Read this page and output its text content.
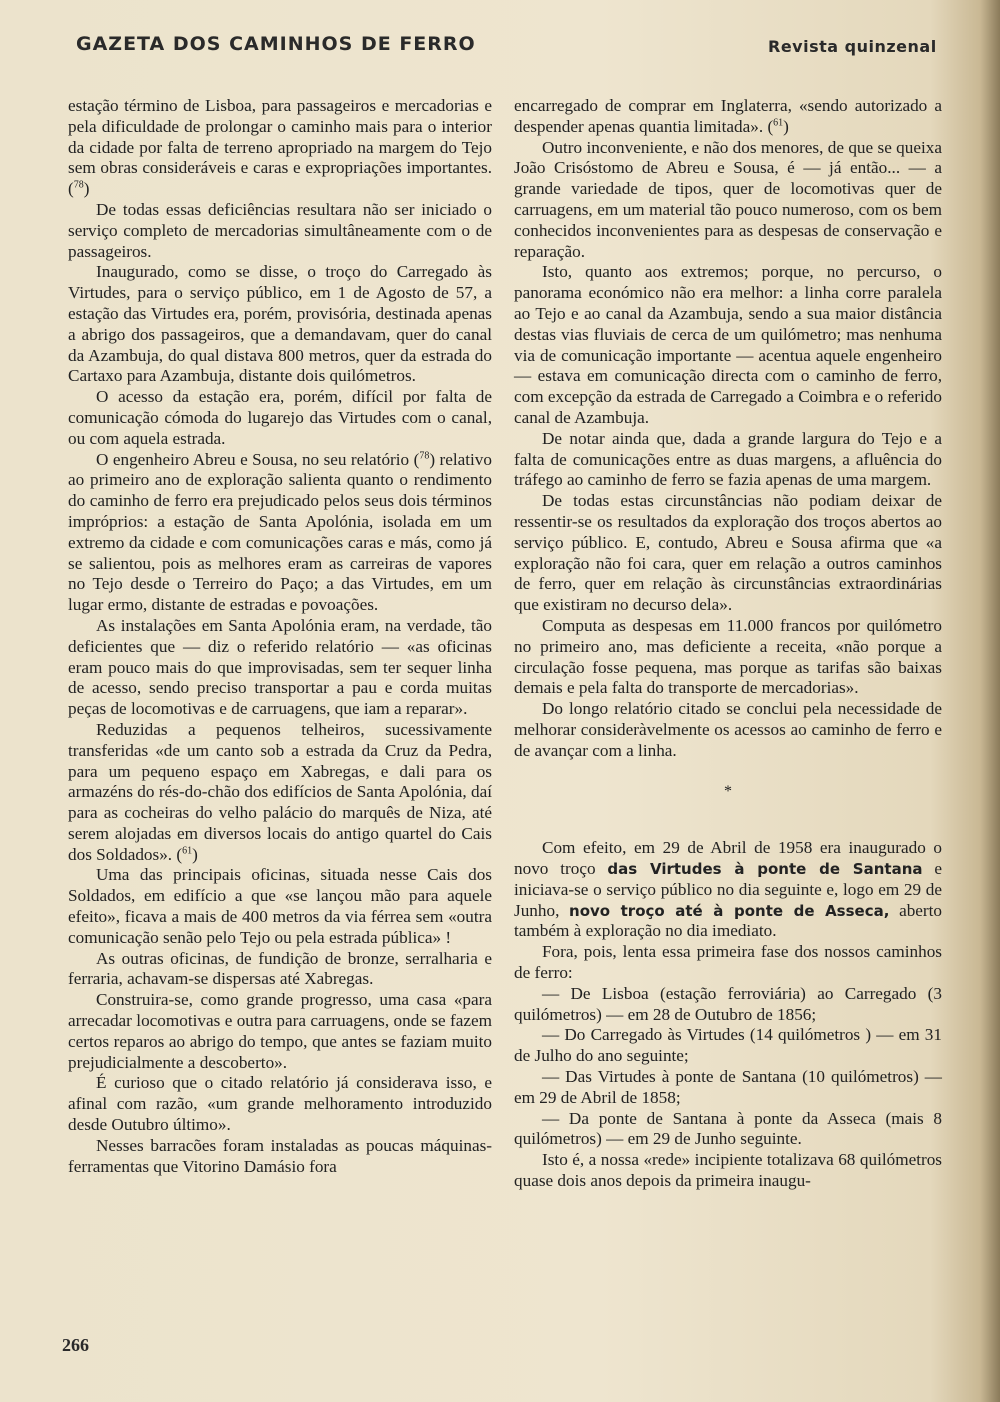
GAZETA DOS CAMINHOS DE FERRO	Revista quinzenal

estação término de Lisboa, para passageiros e mercadorias e pela dificuldade de prolongar o caminho mais para o interior da cidade por falta de terreno apropriado na margem do Tejo sem obras consideráveis e caras e expropriações importantes. ($^{78}$)

De todas essas deficiências resultara não ser iniciado o serviço completo de mercadorias simultâneamente com o de passageiros.

Inaugurado, como se disse, o troço do Carregado às Virtudes, para o serviço público, em 1 de Agosto de 57, a estação das Virtudes era, porém, provisória, destinada apenas a abrigo dos passageiros, que a demandavam, quer do canal da Azambuja, do qual distava 800 metros, quer da estrada do Cartaxo para Azambuja, distante dois quilómetros.

O acesso da estação era, porém, difícil por falta de comunicação cómoda do lugarejo das Virtudes com o canal, ou com aquela estrada.

O engenheiro Abreu e Sousa, no seu relatório ($^{78}$) relativo ao primeiro ano de exploração salienta quanto o rendimento do caminho de ferro era prejudicado pelos seus dois términos impróprios: a estação de Santa Apolónia, isolada em um extremo da cidade e com comunicações caras e más, como já se salientou, pois as melhores eram as carreiras de vapores no Tejo desde o Terreiro do Paço; a das Virtudes, em um lugar ermo, distante de estradas e povoações.

As instalações em Santa Apolónia eram, na verdade, tão deficientes que — diz o referido relatório — «as oficinas eram pouco mais do que improvisadas, sem ter sequer linha de acesso, sendo preciso transportar a pau e corda muitas peças de locomotivas e de carruagens, que iam a reparar».

Reduzidas a pequenos telheiros, sucessivamente transferidas «de um canto sob a estrada da Cruz da Pedra, para um pequeno espaço em Xabregas, e dali para os armazéns do rés-do-chão dos edifícios de Santa Apolónia, daí para as cocheiras do velho palácio do marquês de Niza, até serem alojadas em diversos locais do antigo quartel do Cais dos Soldados». ($^{61}$)

Uma das principais oficinas, situada nesse Cais dos Soldados, em edifício a que «se lançou mão para aquele efeito», ficava a mais de 400 metros da via férrea sem «outra comunicação senão pelo Tejo ou pela estrada pública» !

As outras oficinas, de fundição de bronze, serralharia e ferraria, achavam-se dispersas até Xabregas.

Construira-se, como grande progresso, uma casa «para arrecadar locomotivas e outra para carruagens, onde se fazem certos reparos ao abrigo do tempo, que antes se faziam muito prejudicialmente a descoberto».

É curioso que o citado relatório já considerava isso, e afinal com razão, «um grande melhoramento introduzido desde Outubro último».

Nesses barracões foram instaladas as poucas máquinas-ferramentas que Vitorino Damásio fora

encarregado de comprar em Inglaterra, «sendo autorizado a despender apenas quantia limitada». ($^{61}$)

Outro inconveniente, e não dos menores, de que se queixa João Crisóstomo de Abreu e Sousa, é — já então... — a grande variedade de tipos, quer de locomotivas quer de carruagens, em um material tão pouco numeroso, com os bem conhecidos inconvenientes para as despesas de conservação e reparação.

Isto, quanto aos extremos; porque, no percurso, o panorama económico não era melhor: a linha corre paralela ao Tejo e ao canal da Azambuja, sendo a sua maior distância destas vias fluviais de cerca de um quilómetro; mas nenhuma via de comunicação importante — acentua aquele engenheiro — estava em comunicação directa com o caminho de ferro, com excepção da estrada de Carregado a Coimbra e o referido canal de Azambuja.

De notar ainda que, dada a grande largura do Tejo e a falta de comunicações entre as duas margens, a afluência do tráfego ao caminho de ferro se fazia apenas de uma margem.

De todas estas circunstâncias não podiam deixar de ressentir-se os resultados da exploração dos troços abertos ao serviço público. E, contudo, Abreu e Sousa afirma que «a exploração não foi cara, quer em relação a outros caminhos de ferro, quer em relação às circunstâncias extraordinárias que existiram no decurso dela».

Computa as despesas em 11.000 francos por quilómetro no primeiro ano, mas deficiente a receita, «não porque a circulação fosse pequena, mas porque as tarifas são baixas demais e pela falta do transporte de mercadorias».

Do longo relatório citado se conclui pela necessidade de melhorar consideràvelmente os acessos ao caminho de ferro e de avançar com a linha.

*

Com efeito, em 29 de Abril de 1958 era inaugurado o novo troço das Virtudes à ponte de Santana e iniciava-se o serviço público no dia seguinte e, logo em 29 de Junho, novo troço até à ponte de Asseca, aberto também à exploração no dia imediato.

Fora, pois, lenta essa primeira fase dos nossos caminhos de ferro:

— De Lisboa (estação ferroviária) ao Carregado (3 quilómetros) — em 28 de Outubro de 1856;

— Do Carregado às Virtudes (14 quilómetros ) — em 31 de Julho do ano seguinte;

— Das Virtudes à ponte de Santana (10 quilómetros) — em 29 de Abril de 1858;

— Da ponte de Santana à ponte da Asseca (mais 8 quilómetros) — em 29 de Junho seguinte.

Isto é, a nossa «rede» incipiente totalizava 68 quilómetros quase dois anos depois da primeira inaugu-

266
